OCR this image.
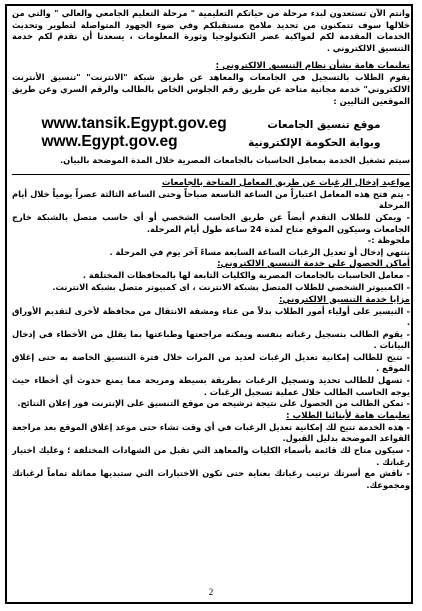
وانتم الآن تستعدون لبدء مرحلة من حياتكم التعليمية " مرحلة التعليم الجامعي والعالي " والتي من خلالها سوف تتمكنون من تحديد ملامح مستقبلكم وفي ضوء الجهود المتواصلة لتطوير وتحديث الخدمات المقدمة لكم لمواكبة عصر التكنولوجيا وثورة المعلومات ، يسعدنا أن نقدم لكم خدمة التنسيق الالكتروني .

تعليمات هامة بشأن نظام التنسيق الالكتروني :

يقوم الطلاب بالتسجيل في الجامعات والمعاهد عن طريق شبكة "الانترنت" "تنسيق الأنترنت الالكتروني" خدمة مجانية متاحة عن طريق رقم الجلوس الخاص بالطالب والرقم السري وعن طريق الموقعين التاليين :

www.tansik.Egypt.gov.eg	موقع تنسيق الجامعات
www.Egypt.gov.eg	وبوابة الحكومة الإلكترونية

سيتم تشغيل الخدمة بمعامل الحاسبات بالجامعات المصرية خلال المدة الموضحة بالبيان.

مواعيد إدخال الرغبات عن طريق المعامل المتاحة بالجامعات

- يتم فتح هذه المعامل اعتباراً من الساعة التاسعة صباحاً وحتى الساعة الثالثة عصراً يومياً خلال أيام المرحلة

- ويمكن للطلاب التقدم أيضاً عن طريق الحاسب الشخصي أو أي حاسب متصل بالشبكة خارج الجامعات وسيكون الموقع متاح لمدة 24 ساعة طول أيام المرحلة.

ملحوظة :-

ينتهي إدخال أو تعديل الرغبات الساعة السابعة مساءً آخر يوم في المرحلة .

أماكن الحصول على خدمة التنسيق الالكتروني:

- معامل الحاسبات بالجامعات المصرية والكليات التابعة لها بالمحافظات المختلفة .

- الكمبيوتر الشخصي للطلاب المتصل بشبكة الانترنت ، اى كمبيوتر متصل بشبكة الانترنت.

مزايا خدمة التنسيق الالكتروني:

- التيسير على أولياء أمور الطلاب بدلاً من عناء ومشقة الانتقال من محافظة لأخرى لتقديم الأوراق .

- يقوم الطالب بتسجيل رغباته بنفسه ويمكنه مراجعتها وطباعتها بما يقلل من الأخطاء في إدخال البيانات .

- تتيح للطالب إمكانية تعديل الرغبات لعديد من المرات خلال فترة التنسيق الخاصة به حتى إغلاق الموقع .

- تسهل للطالب تحديد وتسجيل الرغبات بطريقة بسيطة ومريحة مما يمنع حدوث أي أخطاء حيث يوجه الحاسب الطالب خلال عملية تسجيل الرغبات .

- تمكن الطالب من الحصول على نتيجة ترشيحه من موقع التنسيق على الإنترنت فور إعلان النتائج.

تعليمات هامة لأبنائنا الطلاب :

- هذه الخدمة تتيح لك إمكانية تعديل الرغبات في أي وقت تشاء حتى موعد إغلاق الموقع بعد مراجعة القواعد الموضحة بدليل القبول.

- سيكون متاح لك قائمة بأسماء الكليات والمعاهد التي تقبل من الشهادات المختلفة ؛ وعليك اختيار رغباتك .

- ناقش مع أسرتك ترتيب رغباتك بعناية حتى تكون الاختيارات التي ستبديها مماثلة تماماً لرغباتك ومجموعك.

2
